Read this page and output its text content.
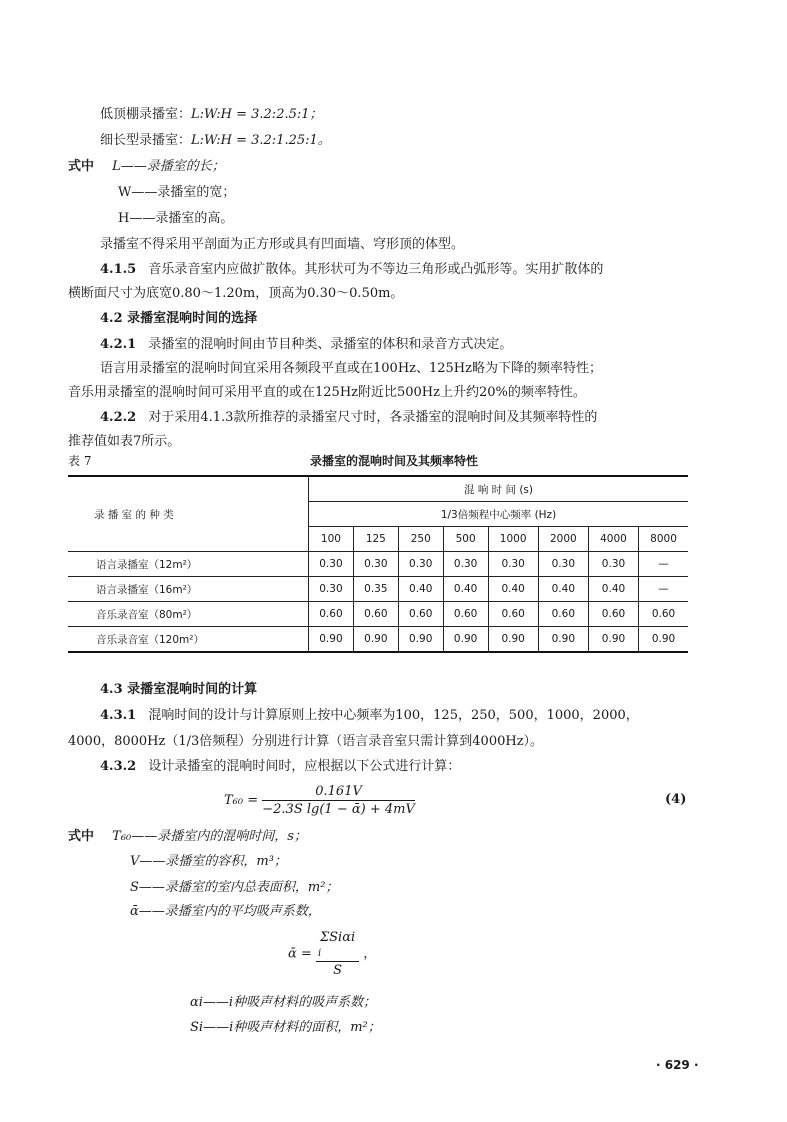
低顶棚录播室：L:W:H = 3.2:2.5:1；
细长型录播室：L:W:H = 3.2:1.25:1。
式中 L——录播室的长；
W——录播室的宽；
H——录播室的高。
录播室不得采用平剖面为正方形或具有凹面墙、穹形顶的体型。
4.1.5 音乐录音室内应做扩散体。其形状可为不等边三角形或凸弧形等。实用扩散体的
横断面尺寸为底宽0.80～1.20m，顶高为0.30～0.50m。
4.2 录播室混响时间的选择
4.2.1 录播室的混响时间由节目种类、录播室的体积和录音方式决定。
语言用录播室的混响时间宜采用各频段平直或在100Hz、125Hz略为下降的频率特性；
音乐用录播室的混响时间可采用平直的或在125Hz附近比500Hz上升约20%的频率特性。
4.2.2 对于采用4.1.3款所推荐的录播室尺寸时，各录播室的混响时间及其频率特性的
推荐值如表7所示。
表 7	录播室的混响时间及其频率特性
录 播 室 的 种 类	混 响 时 间 (s)							
	1/3倍频程中心频率 (Hz)							
	100	125	250	500	1000	2000	4000	8000
语言录播室（12m²）	0.30	0.30	0.30	0.30	0.30	0.30	0.30	—
语言录播室（16m²）	0.30	0.35	0.40	0.40	0.40	0.40	0.40	—
音乐录音室（80m²）	0.60	0.60	0.60	0.60	0.60	0.60	0.60	0.60
音乐录音室（120m²）	0.90	0.90	0.90	0.90	0.90	0.90	0.90	0.90
4.3 录播室混响时间的计算
4.3.1 混响时间的设计与计算原则上按中心频率为100，125，250，500，1000，2000，
4000，8000Hz（1/3倍频程）分别进行计算（语言录音室只需计算到4000Hz）。
4.3.2 设计录播室的混响时间时，应根据以下公式进行计算：
$T_{60} = \frac{0.161V}{\text{−2.3S lg(1 − ᾱ) + 4mV}}$	(4)
式中 T₆₀——录播室内的混响时间，s；
V——录播室的容积，m³；
S——录播室的室内总表面积，m²；
ᾱ——录播室内的平均吸声系数，
ᾱ =
ΣSiαi
i
S
，
αi——i种吸声材料的吸声系数；
Si——i种吸声材料的面积，m²；
· 629 ·
